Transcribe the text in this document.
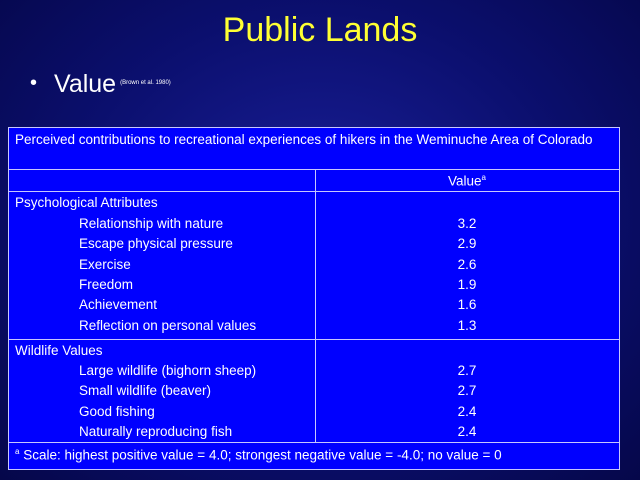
Public Lands
• Value $^{(Brown et al. 1980)}$
Perceived contributions to recreational experiences of hikers in the Weminuche Area of Colorado
Value$^a$
Psychological Attributes
Relationship with nature	3.2
Escape physical pressure	2.9
Exercise	2.6
Freedom	1.9
Achievement	1.6
Reflection on personal values	1.3
Wildlife Values
Large wildlife (bighorn sheep)	2.7
Small wildlife (beaver)	2.7
Good fishing	2.4
Naturally reproducing fish	2.4
$^a$ Scale: highest positive value = 4.0; strongest negative value = -4.0; no value = 0
